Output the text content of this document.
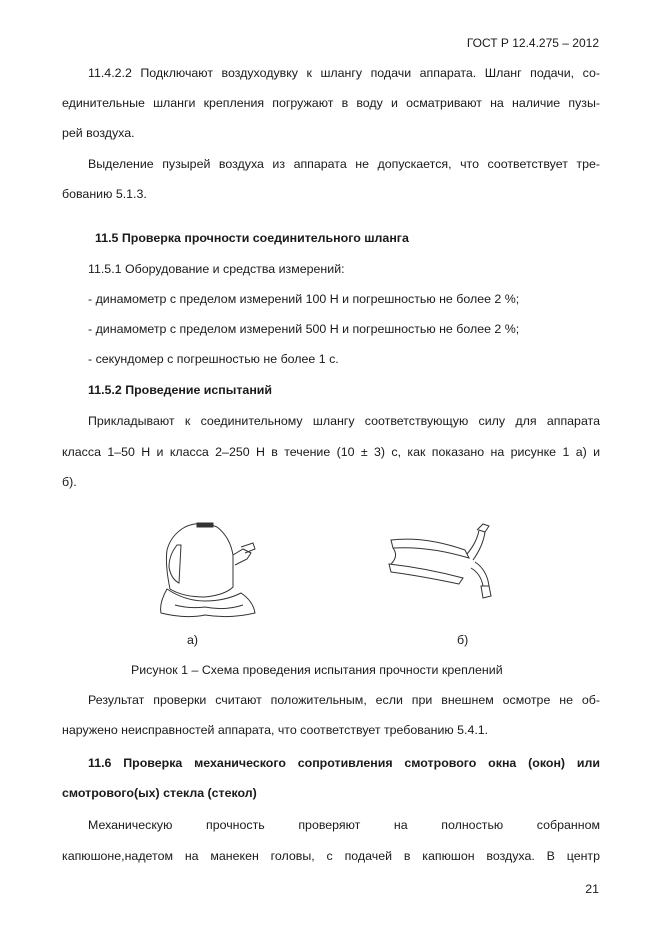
ГОСТ Р 12.4.275 – 2012
11.4.2.2 Подключают воздуходувку к шлангу подачи аппарата. Шланг подачи, со-
единительные шланги крепления погружают в воду и осматривают на наличие пузы-
рей воздуха.
Выделение пузырей воздуха из аппарата не допускается, что соответствует тре-
бованию 5.1.3.
11.5 Проверка прочности соединительного шланга
11.5.1 Оборудование и средства измерений:
- динамометр с пределом измерений 100 Н и погрешностью не более 2 %;
- динамометр с пределом измерений 500 Н и погрешностью не более 2 %;
- секундомер с погрешностью не более 1 с.
11.5.2 Проведение испытаний
Прикладывают к соединительному шлангу соответствующую силу для аппарата
класса 1–50 Н и класса 2–250 Н в течение (10 ± 3) с, как показано на рисунке 1 а) и
б).
а)	б)
Рисунок 1 – Схема проведения испытания прочности креплений
Результат проверки считают положительным, если при внешнем осмотре не об-
наружено неисправностей аппарата, что соответствует требованию 5.4.1.
11.6 Проверка механического сопротивления смотрового окна (окон) или
смотрового(ых) стекла (стекол)
Механическую прочность проверяют на полностью собранном
капюшоне,надетом на манекен головы, с подачей в капюшон воздуха. В центр
21
